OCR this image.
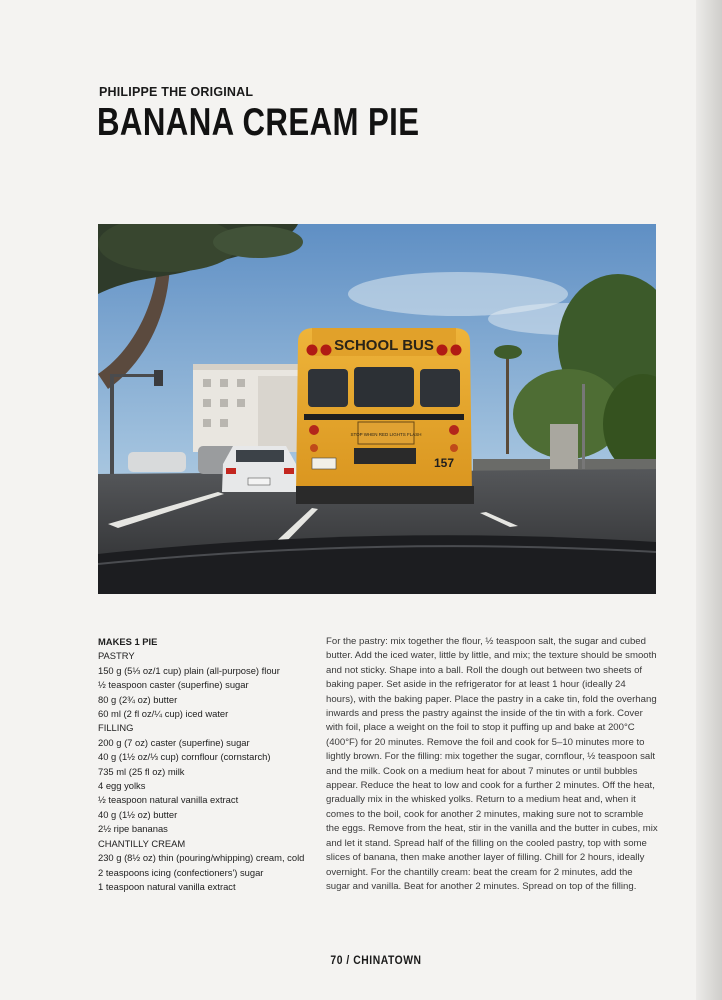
PHILIPPE THE ORIGINAL
BANANA CREAM PIE
SCHOOL BUS
STOP WHEN RED LIGHTS FLASH
157
MAKES 1 PIE
PASTRY
150 g (5⅓ oz/1 cup) plain (all-purpose) flour
½ teaspoon caster (superfine) sugar
80 g (2¾ oz) butter
60 ml (2 fl oz/¼ cup) iced water
FILLING
200 g (7 oz) caster (superfine) sugar
40 g (1½ oz/⅓ cup) cornflour (cornstarch)
735 ml (25 fl oz) milk
4 egg yolks
½ teaspoon natural vanilla extract
40 g (1½ oz) butter
2½ ripe bananas
CHANTILLY CREAM
230 g (8½ oz) thin (pouring/whipping) cream, cold
2 teaspoons icing (confectioners') sugar
1 teaspoon natural vanilla extract

For the pastry: mix together the flour, ½ teaspoon salt, the sugar and cubed butter. Add the iced water, little by little, and mix; the texture should be smooth and not sticky. Shape into a ball. Roll the dough out between two sheets of baking paper. Set aside in the refrigerator for at least 1 hour (ideally 24 hours), with the baking paper. Place the pastry in a cake tin, fold the overhang inwards and press the pastry against the inside of the tin with a fork. Cover with foil, place a weight on the foil to stop it puffing up and bake at 200°C (400°F) for 20 minutes. Remove the foil and cook for 5–10 minutes more to lightly brown. For the filling: mix together the sugar, cornflour, ½ teaspoon salt and the milk. Cook on a medium heat for about 7 minutes or until bubbles appear. Reduce the heat to low and cook for a further 2 minutes. Off the heat, gradually mix in the whisked yolks. Return to a medium heat and, when it comes to the boil, cook for another 2 minutes, making sure not to scramble the eggs. Remove from the heat, stir in the vanilla and the butter in cubes, mix and let it stand. Spread half of the filling on the cooled pastry, top with some slices of banana, then make another layer of filling. Chill for 2 hours, ideally overnight. For the chantilly cream: beat the cream for 2 minutes, add the sugar and vanilla. Beat for another 2 minutes. Spread on top of the filling.

70 / CHINATOWN
